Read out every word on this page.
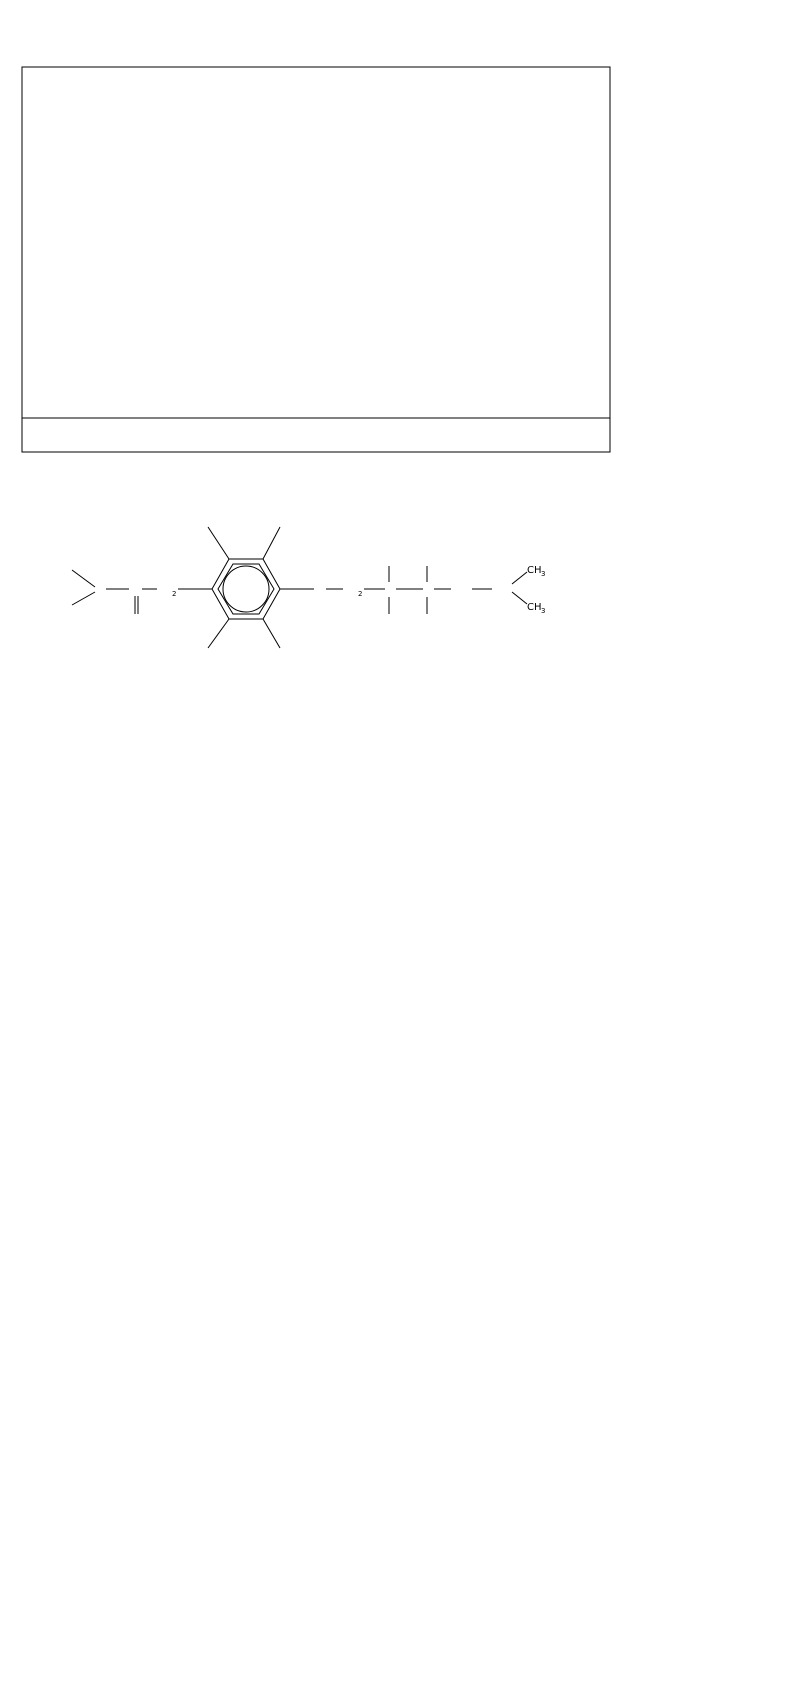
2	2
CH 3
CH 3
